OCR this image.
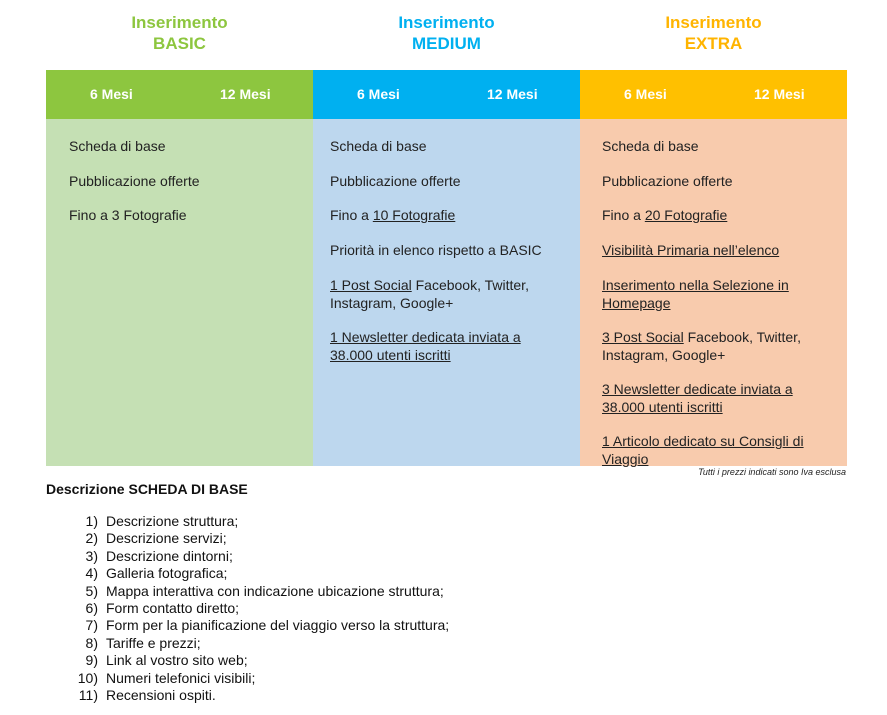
Inserimento
BASIC
Inserimento
MEDIUM
Inserimento
EXTRA
6 Mesi	12 Mesi	6 Mesi	12 Mesi	6 Mesi	12 Mesi
Scheda di base
Pubblicazione offerte
Fino a 3 Fotografie
Scheda di base
Pubblicazione offerte
Fino a 10 Fotografie
Priorità in elenco rispetto a BASIC
1 Post Social Facebook, Twitter, Instagram, Google+
1 Newsletter dedicata inviata a 38.000 utenti iscritti
Scheda di base
Pubblicazione offerte
Fino a 20 Fotografie
Visibilità Primaria nell’elenco
Inserimento nella Selezione in Homepage
3 Post Social Facebook, Twitter, Instagram, Google+
3 Newsletter dedicate inviata a 38.000 utenti iscritti
1 Articolo dedicato su Consigli di Viaggio
Tutti i prezzi indicati sono Iva esclusa
Descrizione SCHEDA DI BASE
1) Descrizione struttura;
2) Descrizione servizi;
3) Descrizione dintorni;
4) Galleria fotografica;
5) Mappa interattiva con indicazione ubicazione struttura;
6) Form contatto diretto;
7) Form per la pianificazione del viaggio verso la struttura;
8) Tariffe e prezzi;
9) Link al vostro sito web;
10) Numeri telefonici visibili;
11) Recensioni ospiti.
